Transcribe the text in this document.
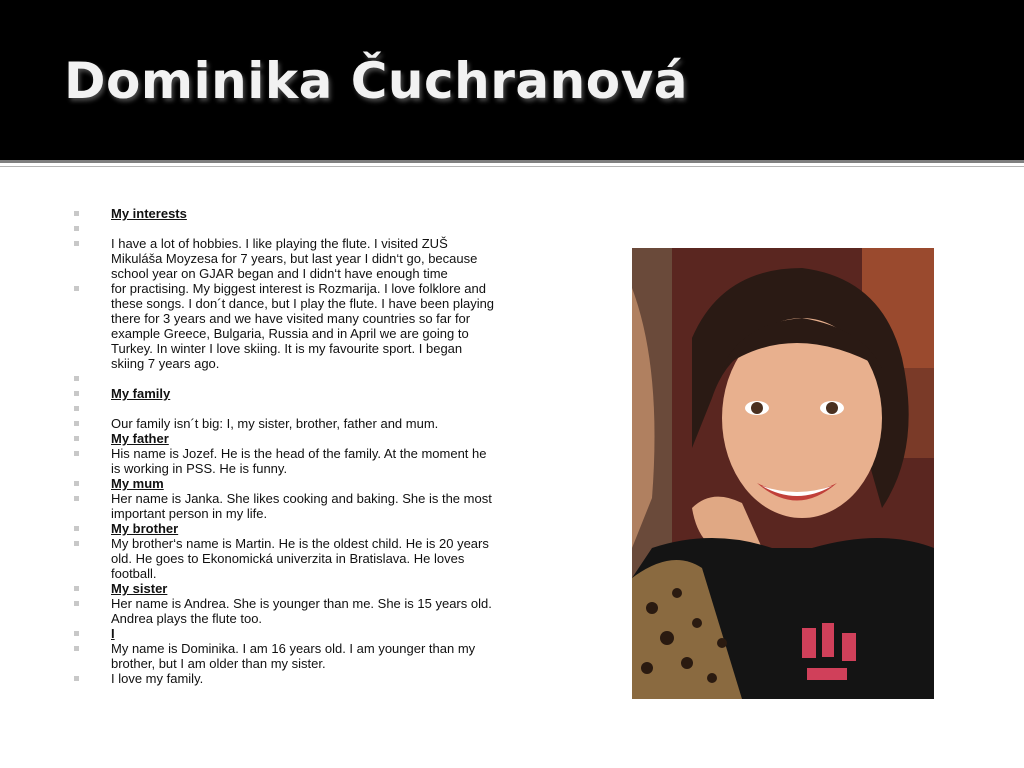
Dominika Čuchranová
My interests
I have a lot of hobbies. I like playing the flute. I visited ZUŠ Mikuláša Moyzesa for 7 years, but last year I didn‘t go, because school year on GJAR began and I didn‘t have enough time
for practising. My biggest interest is Rozmarija. I love folklore and these songs. I don´t dance, but I play the flute. I have been playing there for 3 years and we have visited many countries so far for example Greece, Bulgaria, Russia and in April we are going to Turkey. In winter I love skiing. It is my favourite sport. I began skiing 7 years ago.
My family
Our family isn´t big: I, my sister, brother, father and mum.
My father
His name is Jozef. He is the head of the family. At the moment he is working in PSS. He is funny.
My mum
Her name is Janka. She likes cooking and baking. She is the most important person in my life.
My brother
My brother‘s name is Martin. He is the oldest child. He is 20 years old. He goes to Ekonomická univerzita in Bratislava. He loves football.
My sister
Her name is Andrea. She is younger than me. She is 15 years old. Andrea plays the flute too.
I
My name is Dominika. I am 16 years old. I am younger than my brother, but I am older than my sister.
I love my family.
